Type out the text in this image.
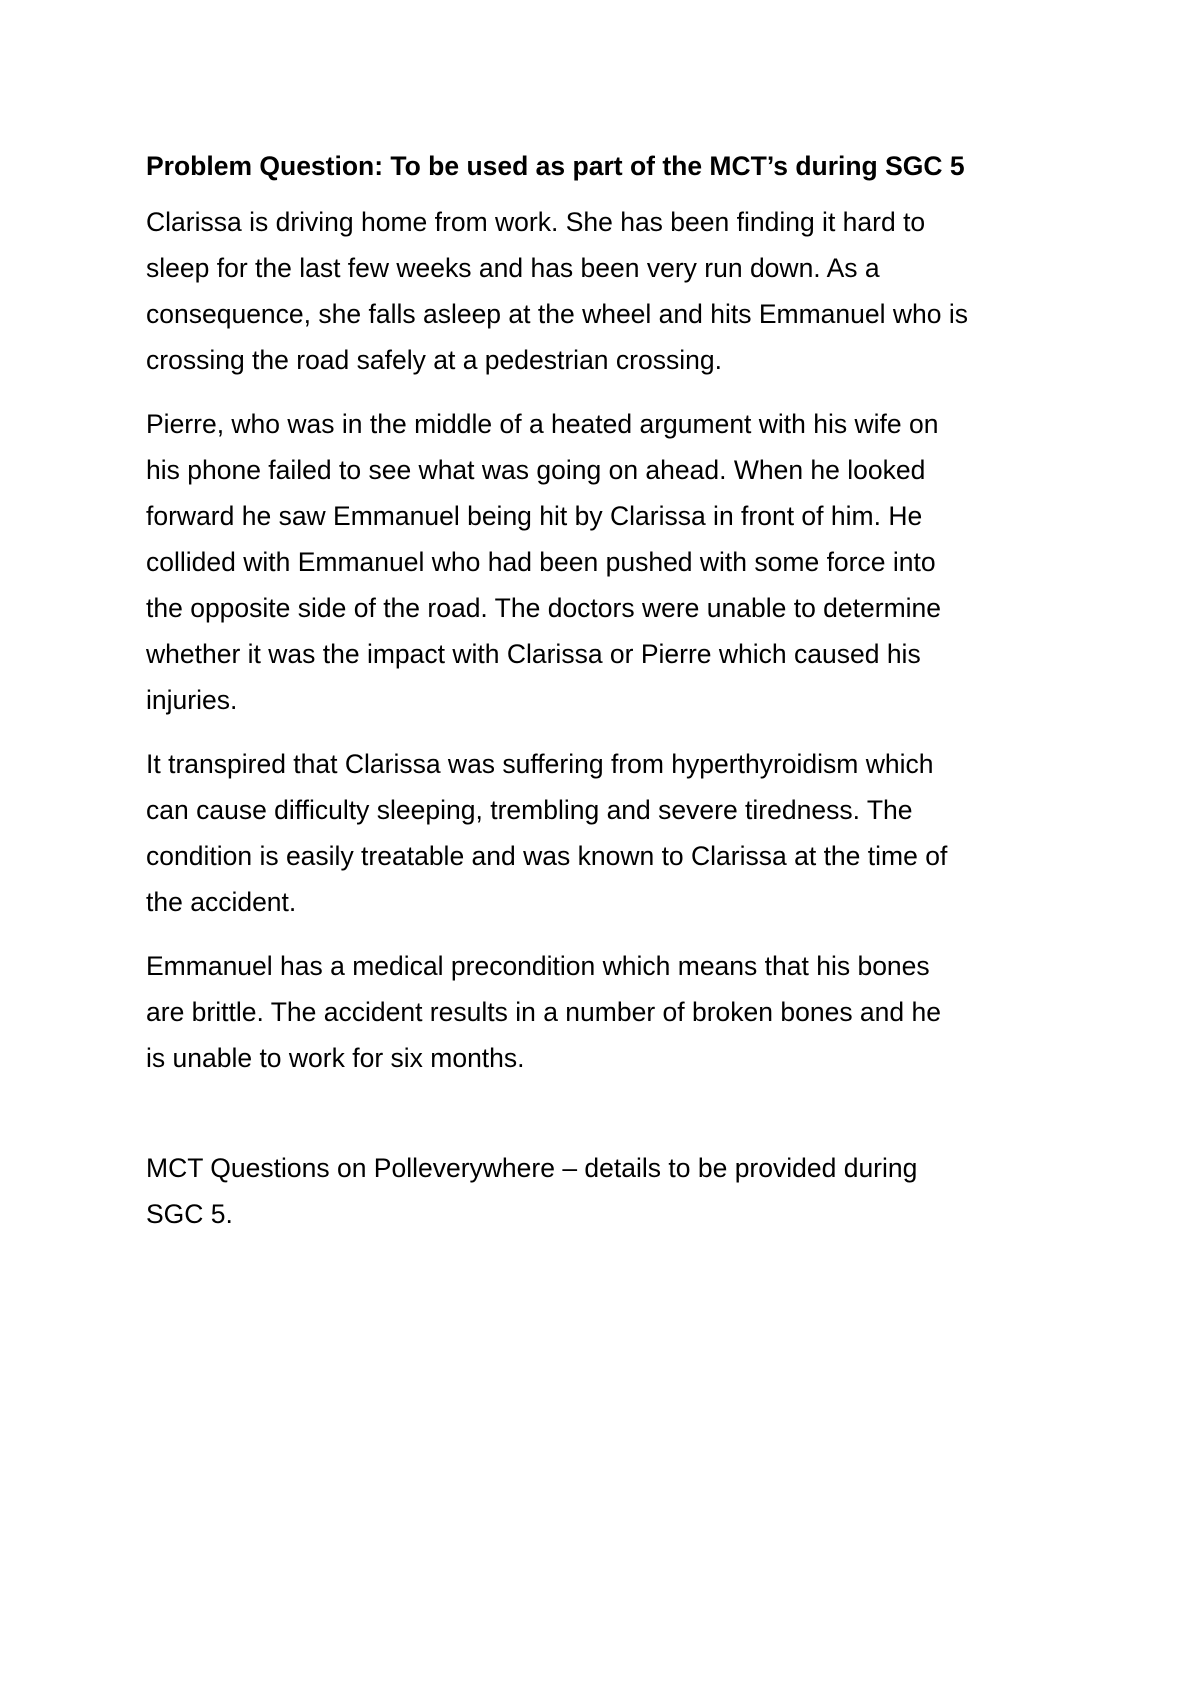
Problem Question: To be used as part of the MCT’s during SGC 5
Clarissa is driving home from work. She has been finding it hard to
sleep for the last few weeks and has been very run down. As a
consequence, she falls asleep at the wheel and hits Emmanuel who is
crossing the road safely at a pedestrian crossing.
Pierre, who was in the middle of a heated argument with his wife on
his phone failed to see what was going on ahead. When he looked
forward he saw Emmanuel being hit by Clarissa in front of him. He
collided with Emmanuel who had been pushed with some force into
the opposite side of the road. The doctors were unable to determine
whether it was the impact with Clarissa or Pierre which caused his
injuries.
It transpired that Clarissa was suffering from hyperthyroidism which
can cause difficulty sleeping, trembling and severe tiredness. The
condition is easily treatable and was known to Clarissa at the time of
the accident.
Emmanuel has a medical precondition which means that his bones
are brittle. The accident results in a number of broken bones and he
is unable to work for six months.
MCT Questions on Polleverywhere – details to be provided during
SGC 5.
